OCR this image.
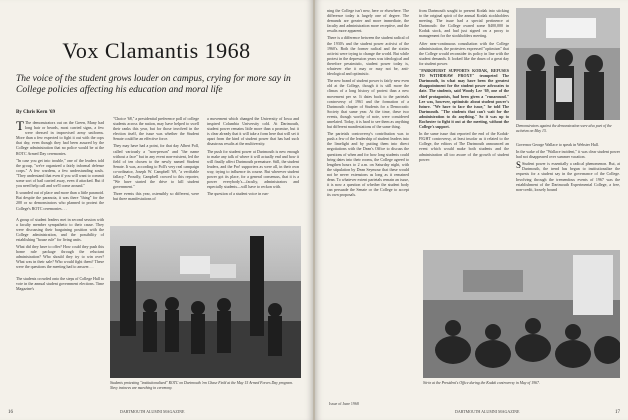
Vox Clamantis 1968
The voice of the student grows louder on campus, crying for more say in College policies affecting his education and moral life
By Chris Kern '69

T The demonstrators out on the Green, Many had long hair or beards, most carried signs, a few were dressed in improvised army uniforms. More than a few expected to fight it out with the cops that day, even though they had been assured by the College administration that no police would be at the ROTC Armed Day ceremonies.

"In case you get into trouble," one of the leaders told the group, "we're organized a fairly informal defense corps." A few wardens, a few understanding souls. "They understand that even if you will want to commit some sort of bail carried away, even if attacked. But if you need help call and we'll come around."

It sounded out of place and more than a little paranoid. But despite the paranoia, it was there "thing" for the 200 or so demonstrators who planned to protest the College's ROTC ceremonies. . .

A group of student leaders met in second session with a faculty member sympathetic to their cause. They were discussing their bargaining position with the College administration, and the possibility of establishing "house rule" for living units.

What did they have to offer? How could they push this home rule package through the reluctant administration? Who should they try to win over? What was in their sale? Who would fight them? These were the questions the meeting had to answer. . .

The students crowded onto the steps of College Hall to vote in the annual student government elections. Time Magazine's

"Choice '68," a presidential preference poll of college students across the nation, may have helped to swell their ranks this year, but for those involved in the election itself, the issue was whether the Student Senate could be an effective force.

They may have had a point, for that day Albert Poll, called variously a "non-person" and "the name without a face" but in any event non-existent, led the field of ten chosen to the newly named Student Senate. It was, according to Poll's very real campaign co-ordinator, Joseph W. Campbell '69, "a verifiable fallacy." Proudly, Campbell crowed to this reporter, "We have started the drive to kill student government."

Three events this year, ostensibly so different, were but three manifestations of

a movement which changed the University of Iowa and inspired Columbia University cold. At Dartmouth, student power remains little more than a promise, but it is clear already that it will take a form here that will set it apart from the kind of student power that has had such disastrous results at the multiversity.

The push for student power at Dartmouth is new enough to make any talk of where it will actually end and how it will finally affect Dartmouth premature. Still, the student leaders, and the Pro! supporters as were all, in their own way, trying to influence its course. But wherever student power got its place, for a general consensus, that it is a power everybody's—faculty, administrators and especially students—will have to reckon with.

The question of a student voice in run-

Students protesting "institutionalized" ROTC on Dartmouth 'em Chase Field at the May 15 Armed Forces Day program. Navy trainees are marching in ceremony.
16	DARTMOUTH ALUMNI MAGAZINE

ning the College isn't new, here or elsewhere. The difference today is largely one of degree. The demands are greater and more immediate, the faculty and administration more receptive, and the results more apparent.

There is a difference between the student radical of the 1930's and the student power activist of the 1960's. Both the former radical and the sixties activist were trying to change the world. But while protest in the depression years was ideological and therefore pessimistic, student power today is, whatever else it may or may not be, anti-ideological and optimistic.

The new brand of student power is fairly new even old at the College, though it is still more the climax of a long history of protest than a new movement per se. It dates back to the parietals controversy of 1961 and the formation of a Dartmouth chapter of Students for a Democratic Society that same year. At the time, these two events, though worthy of note, were considered unrelated. Today, it is hard to see them as anything but different manifestations of the same thing.

The parietals controversy's contribution was to push a few of the leadership of student leaders into the limelight and by putting them into direct negotiations with the Dean's Office to discuss the questions of when and for how long students could bring dates into their rooms, the College agreed to lengthen hours to 2 a.m. on Saturday night, with the stipulation by Dean Seymour that these would not be never extensions as long as it remained dean. To whatever extent parietals remain an issue, it is now a question of whether the student body can persuade the Senate or the College to accept its own proposals.

from Dartmouth sought to present Kodak into sticking to the original spirit of the annual Kodak stockholders meeting. The issue had a special pertinence at Dartmouth: the College owned some $400,000 in Kodak stock, and had just signed on a proxy to management for the stockholders meeting.

After near-continuous consultation with the College administration, the protesters expressed "optimism" that the College would reconsider its policy in line with the student demands. It looked like the dawn of a great day for student power.

"PARKHURST SUPPORTS KODAK, REFUSES TO WITHDRAW PROXY" trumpeted The Dartmouth, in what may have been the greatest disappointment for the student power advocates to date. The students, said Woody Lee '69, one of the chief protagonists, had been given a "runaround." Lee was, however, optimistic about student power's future. "We have to face the issue," he told The Dartmouth. "The students that can't wait for the administration to do anything." So it was up to Rochester to fight it out at the meeting, without the College's support.

In the same issue that reported the end of the Kodak-FIGHT controversy, at least insofar as it related to the College, the editors of The Dartmouth announced an event which would make both students and the administration all too aware of the growth of student power:

Demonstrators against the demonstration were also part of the activism on May 15.

Governor George Wallace to speak in Webster Hall.

In the wake of the "Wallace incident," it was clear student power had not disappeared over summer vacation.

S Student power is essentially a radical phenomenon. But, at Dartmouth, the trend has begun to institutionalize the requests for a student say in the governance of the College. Involving through the tremendous events of 1967 was the establishment of the Dartmouth Experimental College, a free, non-credit, loosely bound

Sit-in at the President's Office during the Kodak controversy in May of 1967.
Issue of June 1968
DARTMOUTH ALUMNI MAGAZINE	17
